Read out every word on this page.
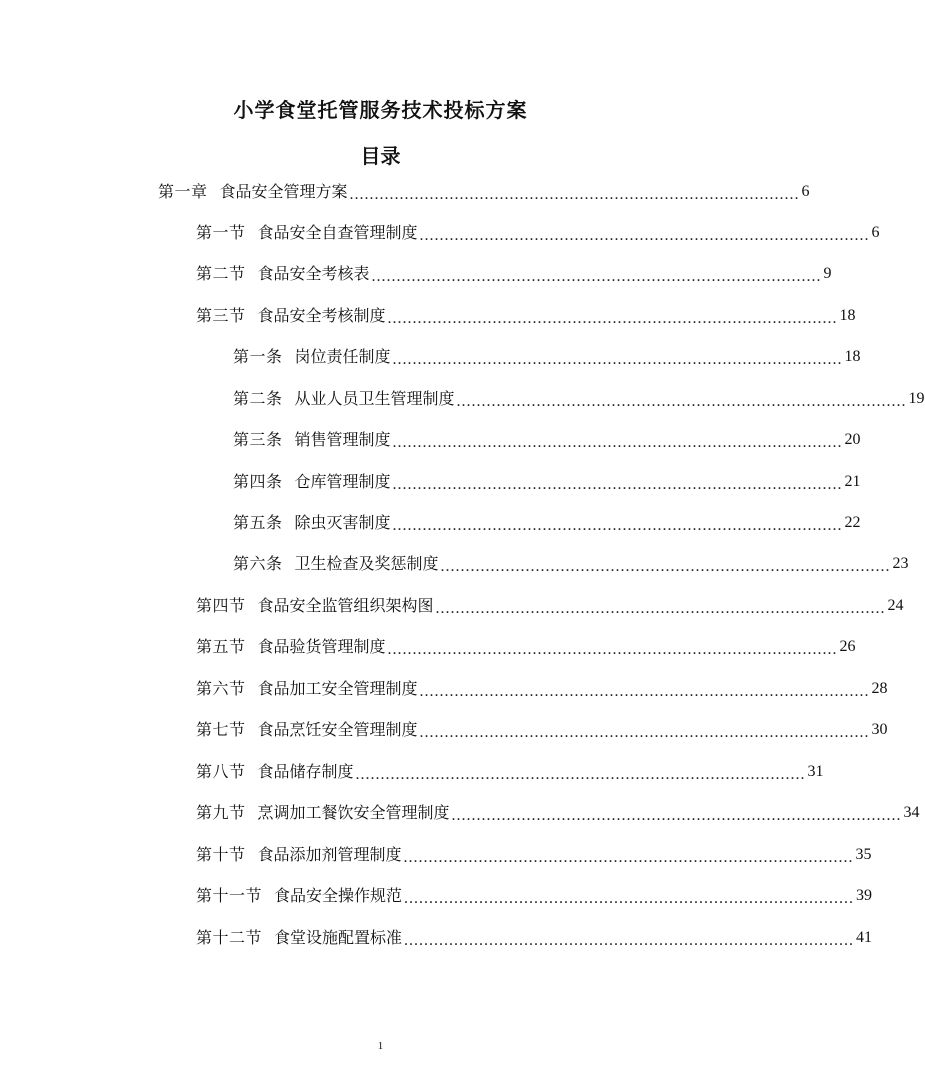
小学食堂托管服务技术投标方案
目录
第一章 食品安全管理方案 .......................................................................................... 6
第一节 食品安全自查管理制度 .......................................................................................... 6
第二节 食品安全考核表 .......................................................................................... 9
第三节 食品安全考核制度 .......................................................................................... 18
第一条 岗位责任制度 .......................................................................................... 18
第二条 从业人员卫生管理制度 .......................................................................................... 19
第三条 销售管理制度 .......................................................................................... 20
第四条 仓库管理制度 .......................................................................................... 21
第五条 除虫灭害制度 .......................................................................................... 22
第六条 卫生检查及奖惩制度 .......................................................................................... 23
第四节 食品安全监管组织架构图 .......................................................................................... 24
第五节 食品验货管理制度 .......................................................................................... 26
第六节 食品加工安全管理制度 .......................................................................................... 28
第七节 食品烹饪安全管理制度 .......................................................................................... 30
第八节 食品储存制度 .......................................................................................... 31
第九节 烹调加工餐饮安全管理制度 .......................................................................................... 34
第十节 食品添加剂管理制度 .......................................................................................... 35
第十一节 食品安全操作规范 .......................................................................................... 39
第十二节 食堂设施配置标准 .......................................................................................... 41
1
